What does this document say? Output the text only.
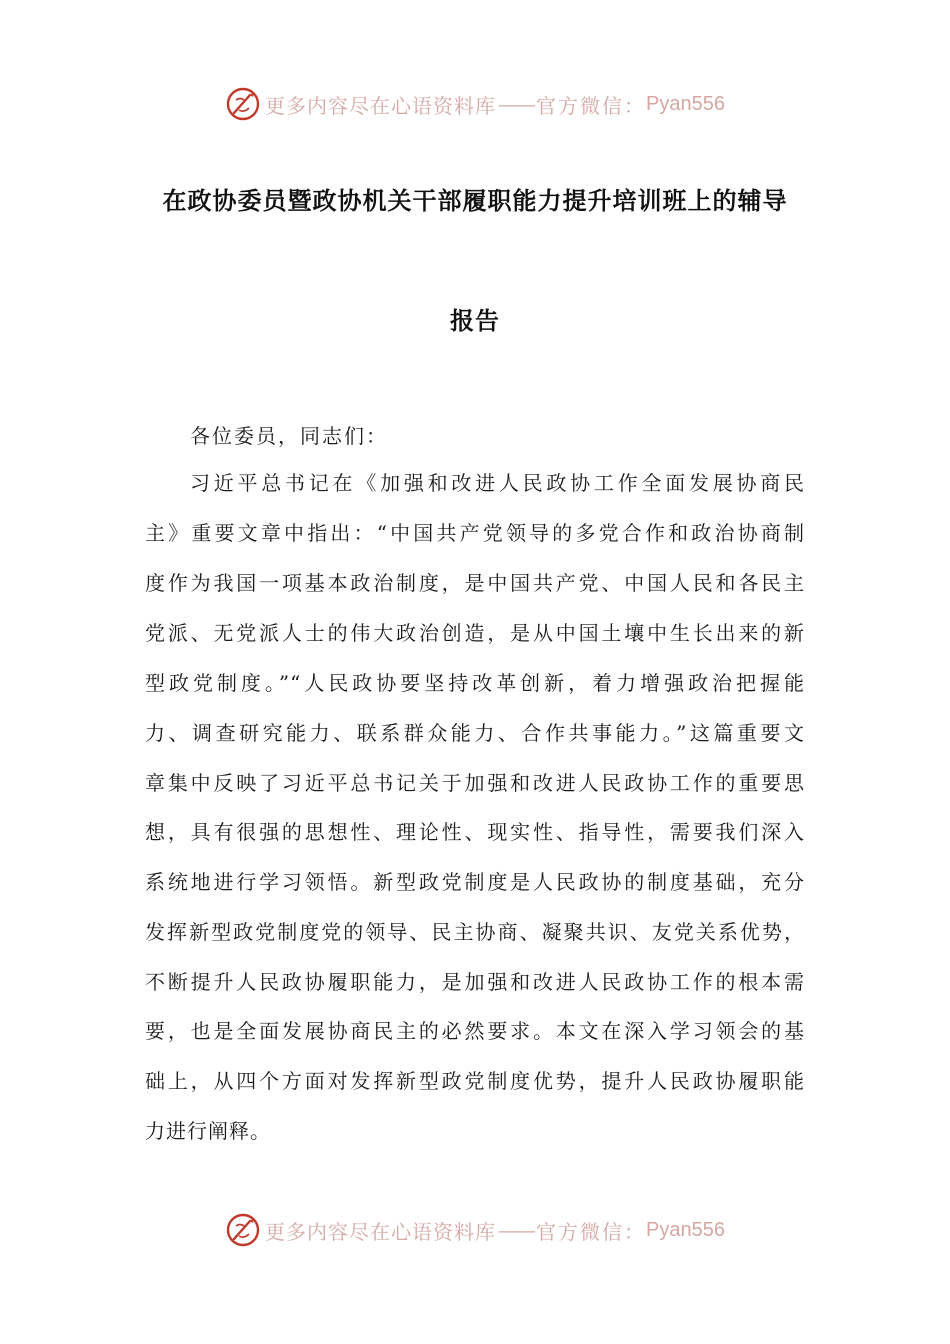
更多内容尽在心语资料库 —— 官方微信： Pyan556
在政协委员暨政协机关干部履职能力提升培训班上的辅导
报告
各位委员，同志们：
习近平总书记在《加强和改进人民政协工作全面发展协商民
主》重要文章中指出：“中国共产党领导的多党合作和政治协商制
度作为我国一项基本政治制度，是中国共产党、中国人民和各民主
党派、无党派人士的伟大政治创造，是从中国土壤中生长出来的新
型政党制度。”“人民政协要坚持改革创新，着力增强政治把握能
力、调查研究能力、联系群众能力、合作共事能力。”这篇重要文
章集中反映了习近平总书记关于加强和改进人民政协工作的重要思
想，具有很强的思想性、理论性、现实性、指导性，需要我们深入
系统地进行学习领悟。新型政党制度是人民政协的制度基础，充分
发挥新型政党制度党的领导、民主协商、凝聚共识、友党关系优势，
不断提升人民政协履职能力，是加强和改进人民政协工作的根本需
要，也是全面发展协商民主的必然要求。本文在深入学习领会的基
础上，从四个方面对发挥新型政党制度优势，提升人民政协履职能
力进行阐释。
更多内容尽在心语资料库 —— 官方微信： Pyan556
